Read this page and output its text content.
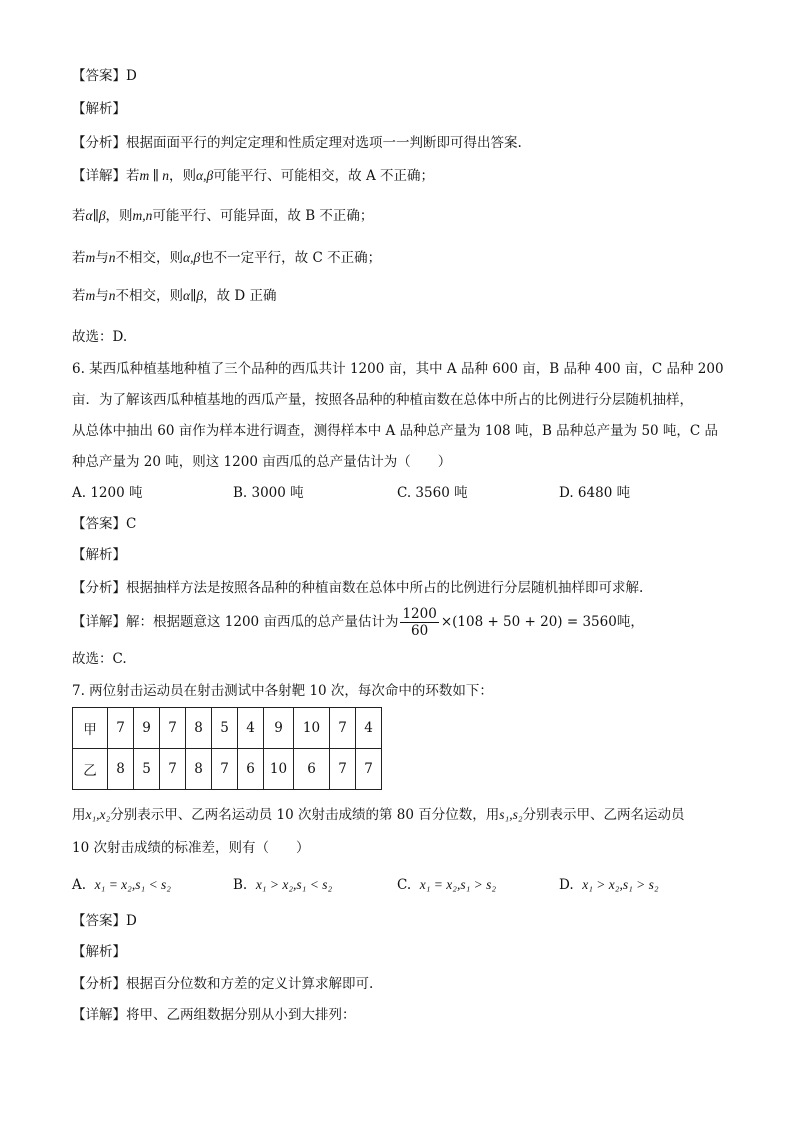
【答案】D
【解析】
【分析】根据面面平行的判定定理和性质定理对选项一一判断即可得出答案.
【详解】若m ∥ n，则α,β可能平行、可能相交，故 A 不正确；
若α∥β，则m,n可能平行、可能异面，故 B 不正确；
若m与n不相交，则α,β也不一定平行，故 C 不正确；
若m与n不相交，则α∥β，故 D 正确
故选：D.
6. 某西瓜种植基地种植了三个品种的西瓜共计 1200 亩，其中 A 品种 600 亩，B 品种 400 亩，C 品种 200
亩．为了解该西瓜种植基地的西瓜产量，按照各品种的种植亩数在总体中所占的比例进行分层随机抽样，
从总体中抽出 60 亩作为样本进行调查，测得样本中 A 品种总产量为 108 吨，B 品种总产量为 50 吨，C 品
种总产量为 20 吨，则这 1200 亩西瓜的总产量估计为（　　）
A. 1200 吨	B. 3000 吨	C. 3560 吨	D. 6480 吨
【答案】C
【解析】
【分析】根据抽样方法是按照各品种的种植亩数在总体中所占的比例进行分层随机抽样即可求解.
【详解】解：根据题意这 1200 亩西瓜的总产量估计为 $\frac{1200}{60} \times(108 + 50 + 20) = 3560$吨，
故选：C.
7. 两位射击运动员在射击测试中各射靶 10 次，每次命中的环数如下：
甲	7	9	7	8	5	4	9	10	7	4
乙	8	5	7	8	7	6	10	6	7	7
用x₁,x₂分别表示甲、乙两名运动员 10 次射击成绩的第 80 百分位数，用s₁,s₂分别表示甲、乙两名运动员
10 次射击成绩的标准差，则有（　　）
A. x₁ = x₂,s₁ < s₂	B. x₁ > x₂,s₁ < s₂	C. x₁ = x₂,s₁ > s₂	D. x₁ > x₂,s₁ > s₂
【答案】D
【解析】
【分析】根据百分位数和方差的定义计算求解即可.
【详解】将甲、乙两组数据分别从小到大排列：
